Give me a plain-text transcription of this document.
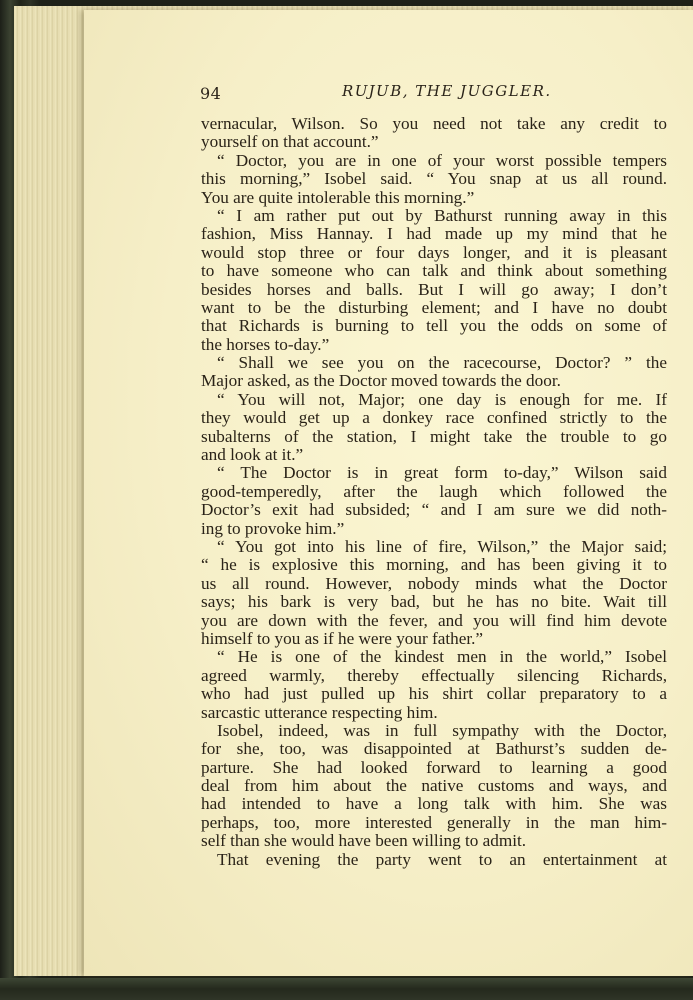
94	RUJUB, THE JUGGLER.
vernacular, Wilson. So you need not take any credit to
yourself on that account.”
“ Doctor, you are in one of your worst possible tempers
this morning,” Isobel said. “ You snap at us all round.
You are quite intolerable this morning.”
“ I am rather put out by Bathurst running away in this
fashion, Miss Hannay. I had made up my mind that he
would stop three or four days longer, and it is pleasant
to have someone who can talk and think about something
besides horses and balls. But I will go away; I don’t
want to be the disturbing element; and I have no doubt
that Richards is burning to tell you the odds on some of
the horses to-day.”
“ Shall we see you on the racecourse, Doctor? ” the
Major asked, as the Doctor moved towards the door.
“ You will not, Major; one day is enough for me. If
they would get up a donkey race confined strictly to the
subalterns of the station, I might take the trouble to go
and look at it.”
“ The Doctor is in great form to-day,” Wilson said
good-temperedly, after the laugh which followed the
Doctor’s exit had subsided; “ and I am sure we did noth-
ing to provoke him.”
“ You got into his line of fire, Wilson,” the Major said;
“ he is explosive this morning, and has been giving it to
us all round. However, nobody minds what the Doctor
says; his bark is very bad, but he has no bite. Wait till
you are down with the fever, and you will find him devote
himself to you as if he were your father.”
“ He is one of the kindest men in the world,” Isobel
agreed warmly, thereby effectually silencing Richards,
who had just pulled up his shirt collar preparatory to a
sarcastic utterance respecting him.
Isobel, indeed, was in full sympathy with the Doctor,
for she, too, was disappointed at Bathurst’s sudden de-
parture. She had looked forward to learning a good
deal from him about the native customs and ways, and
had intended to have a long talk with him. She was
perhaps, too, more interested generally in the man him-
self than she would have been willing to admit.
That evening the party went to an entertainment at
